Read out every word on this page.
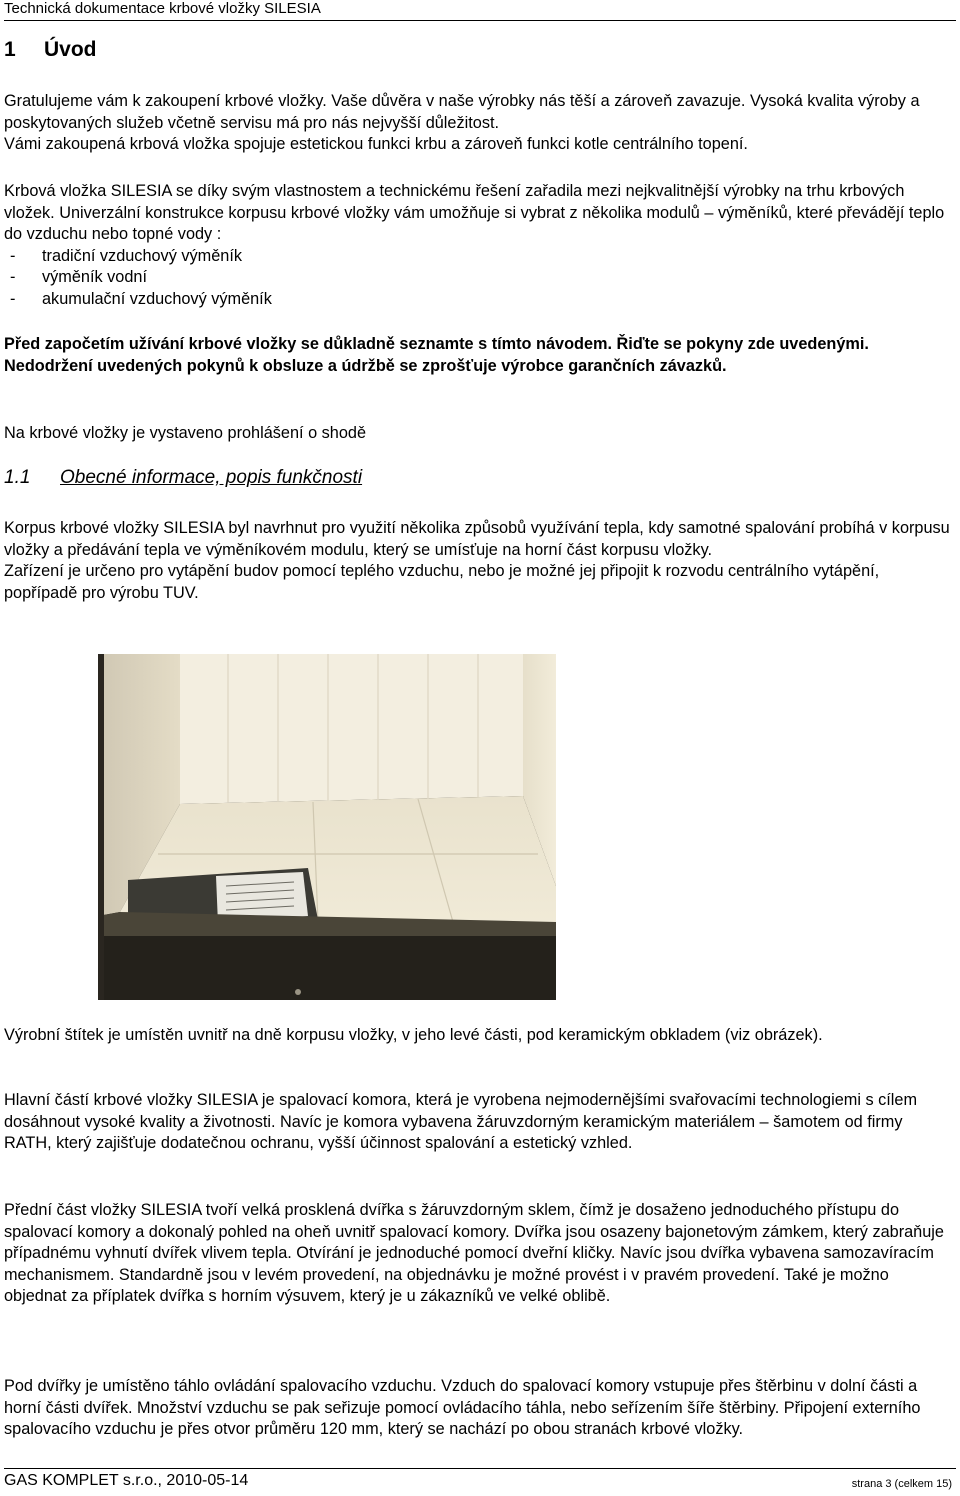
Technická dokumentace krbové vložky SILESIA
1 Úvod

Gratulujeme vám k zakoupení krbové vložky. Vaše důvěra v naše výrobky nás těší a zároveň zavazuje. Vysoká kvalita výroby a poskytovaných služeb včetně servisu má pro nás nejvyšší důležitost.

Vámi zakoupená krbová vložka spojuje estetickou funkci krbu a zároveň funkci kotle centrálního topení.

Krbová vložka SILESIA se díky svým vlastnostem a technickému řešení zařadila mezi nejkvalitnější výrobky na trhu krbových vložek. Univerzální konstrukce korpusu krbové vložky vám umožňuje si vybrat z několika modulů – výměníků, které převádějí teplo do vzduchu nebo topné vody :

-	tradiční vzduchový výměník
-	výměník vodní
-	akumulační vzduchový výměník
Před započetím užívání krbové vložky se důkladně seznamte s tímto návodem. Řiďte se pokyny zde uvedenými. Nedodržení uvedených pokynů k obsluze a údržbě se zprošťuje výrobce garančních závazků.
Na krbové vložky je vystaveno prohlášení o shodě
1.1 Obecné informace, popis funkčnosti

Korpus krbové vložky SILESIA byl navrhnut pro využití několika způsobů využívání tepla, kdy samotné spalování probíhá v korpusu vložky a předávání tepla ve výměníkovém modulu, který se umísťuje na horní část korpusu vložky.

Zařízení je určeno pro vytápění budov pomocí teplého vzduchu, nebo je možné jej připojit k rozvodu centrálního vytápění, popřípadě pro výrobu TUV.

Výrobní štítek je umístěn uvnitř na dně korpusu vložky, v jeho levé části, pod keramickým obkladem (viz obrázek).
Hlavní částí krbové vložky SILESIA je spalovací komora, která je vyrobena nejmodernějšími svařovacími technologiemi s cílem dosáhnout vysoké kvality a životnosti. Navíc je komora vybavena žáruvzdorným keramickým materiálem – šamotem od firmy RATH, který zajišťuje dodatečnou ochranu, vyšší účinnost spalování a estetický vzhled.
Přední část vložky SILESIA tvoří velká prosklená dvířka s žáruvzdorným sklem, čímž je dosaženo jednoduchého přístupu do spalovací komory a dokonalý pohled na oheň uvnitř spalovací komory. Dvířka jsou osazeny bajonetovým zámkem, který zabraňuje případnému vyhnutí dvířek vlivem tepla. Otvírání je jednoduché pomocí dveřní kličky. Navíc jsou dvířka vybavena samozavíracím mechanismem. Standardně jsou v levém provedení, na objednávku je možné provést i v pravém provedení. Také je možno objednat za příplatek dvířka s horním výsuvem, který je u zákazníků ve velké oblibě.
Pod dvířky je umístěno táhlo ovládání spalovacího vzduchu. Vzduch do spalovací komory vstupuje přes štěrbinu v dolní části a horní části dvířek. Množství vzduchu se pak seřizuje pomocí ovládacího táhla, nebo seřízením šíře štěrbiny. Připojení externího spalovacího vzduchu je přes otvor průměru 120 mm, který se nachází po obou stranách krbové vložky.
GAS KOMPLET s.r.o., 2010-05-14	strana 3 (celkem 15)
